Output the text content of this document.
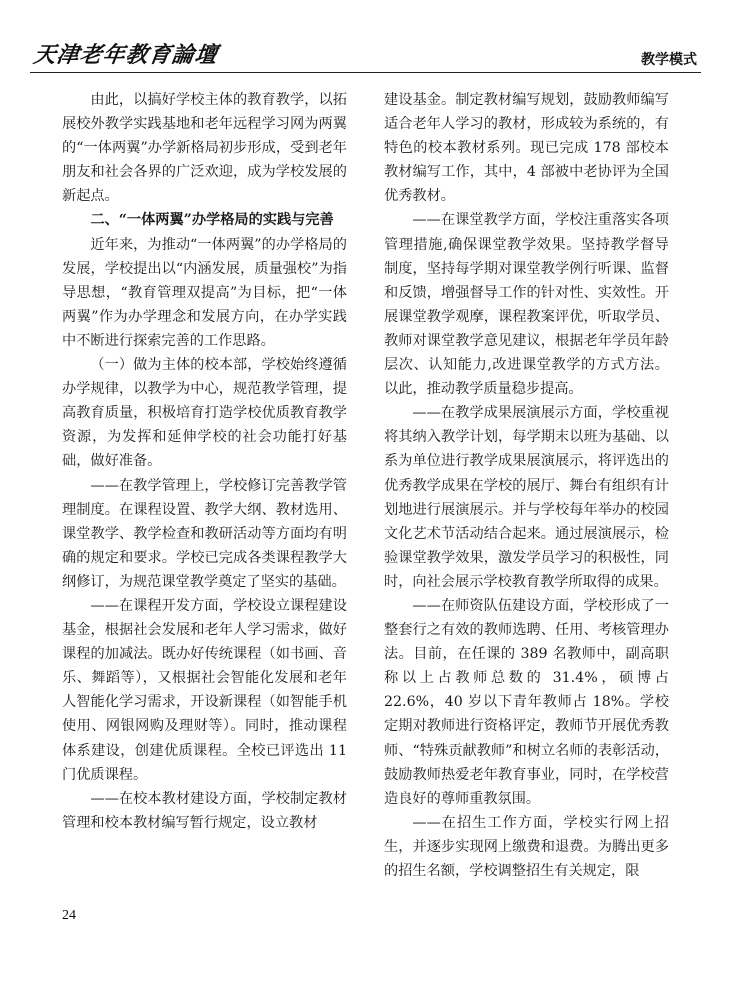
天津老年教育論壇	教学模式

由此，以搞好学校主体的教育教学，以拓展校外教学实践基地和老年远程学习网为两翼的“一体两翼”办学新格局初步形成，受到老年朋友和社会各界的广泛欢迎，成为学校发展的新起点。

二、“一体两翼”办学格局的实践与完善

近年来，为推动“一体两翼”的办学格局的发展，学校提出以“内涵发展，质量强校”为指导思想，“教育管理双提高”为目标，把“一体两翼”作为办学理念和发展方向，在办学实践中不断进行探索完善的工作思路。

（一）做为主体的校本部，学校始终遵循办学规律，以教学为中心，规范教学管理，提高教育质量，积极培育打造学校优质教育教学资源，为发挥和延伸学校的社会功能打好基础，做好准备。

——在教学管理上，学校修订完善教学管理制度。在课程设置、教学大纲、教材选用、课堂教学、教学检查和教研活动等方面均有明确的规定和要求。学校已完成各类课程教学大纲修订，为规范课堂教学奠定了坚实的基础。

——在课程开发方面，学校设立课程建设基金，根据社会发展和老年人学习需求，做好课程的加减法。既办好传统课程（如书画、音乐、舞蹈等），又根据社会智能化发展和老年人智能化学习需求，开设新课程（如智能手机使用、网银网购及理财等）。同时，推动课程体系建设，创建优质课程。全校已评选出 11 门优质课程。

——在校本教材建设方面，学校制定教材管理和校本教材编写暂行规定，设立教材

建设基金。制定教材编写规划，鼓励教师编写适合老年人学习的教材，形成较为系统的，有特色的校本教材系列。现已完成 178 部校本教材编写工作，其中，4 部被中老协评为全国优秀教材。

——在课堂教学方面，学校注重落实各项管理措施,确保课堂教学效果。坚持教学督导制度，坚持每学期对课堂教学例行听课、监督和反馈，增强督导工作的针对性、实效性。开展课堂教学观摩，课程教案评优，听取学员、教师对课堂教学意见建议，根据老年学员年龄层次、认知能力,改进课堂教学的方式方法。以此，推动教学质量稳步提高。

——在教学成果展演展示方面，学校重视将其纳入教学计划，每学期末以班为基础、以系为单位进行教学成果展演展示，将评选出的优秀教学成果在学校的展厅、舞台有组织有计划地进行展演展示。并与学校每年举办的校园文化艺术节活动结合起来。通过展演展示，检验课堂教学效果，激发学员学习的积极性，同时，向社会展示学校教育教学所取得的成果。

——在师资队伍建设方面，学校形成了一整套行之有效的教师选聘、任用、考核管理办法。目前，在任课的 389 名教师中，副高职称以上占教师总数的 31.4%，硕博占 22.6%，40 岁以下青年教师占 18%。学校定期对教师进行资格评定，教师节开展优秀教师、“特殊贡献教师”和树立名师的表彰活动，鼓励教师热爱老年教育事业，同时，在学校营造良好的尊师重教氛围。

——在招生工作方面，学校实行网上招生，并逐步实现网上缴费和退费。为腾出更多的招生名额，学校调整招生有关规定，限

24
